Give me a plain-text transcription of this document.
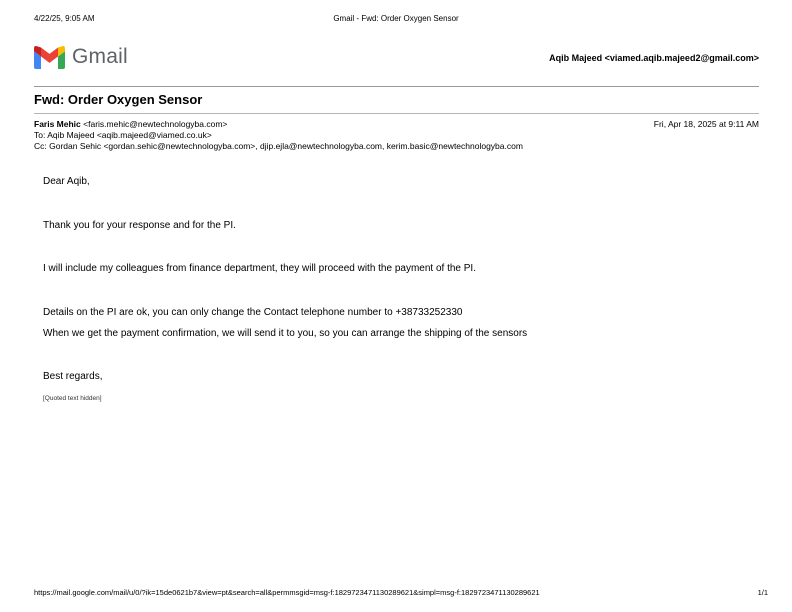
4/22/25, 9:05 AM	Gmail - Fwd: Order Oxygen Sensor
Gmail	Aqib Majeed <viamed.aqib.majeed2@gmail.com>
Fwd: Order Oxygen Sensor
Faris Mehic <faris.mehic@newtechnologyba.com>	Fri, Apr 18, 2025 at 9:11 AM
To: Aqib Majeed <aqib.majeed@viamed.co.uk>
Cc: Gordan Sehic <gordan.sehic@newtechnologyba.com>, djip.ejla@newtechnologyba.com, kerim.basic@newtechnologyba.com
Dear Aqib,
Thank you for your response and for the PI.
I will include my colleagues from finance department, they will proceed with the payment of the PI.
Details on the PI are ok, you can only change the Contact telephone number to +38733252330
When we get the payment confirmation, we will send it to you, so you can arrange the shipping of the sensors
Best regards,
[Quoted text hidden]
https://mail.google.com/mail/u/0/?ik=15de0621b7&view=pt&search=all&permmsgid=msg-f:1829723471130289621&simpl=msg-f:1829723471130289621	1/1
